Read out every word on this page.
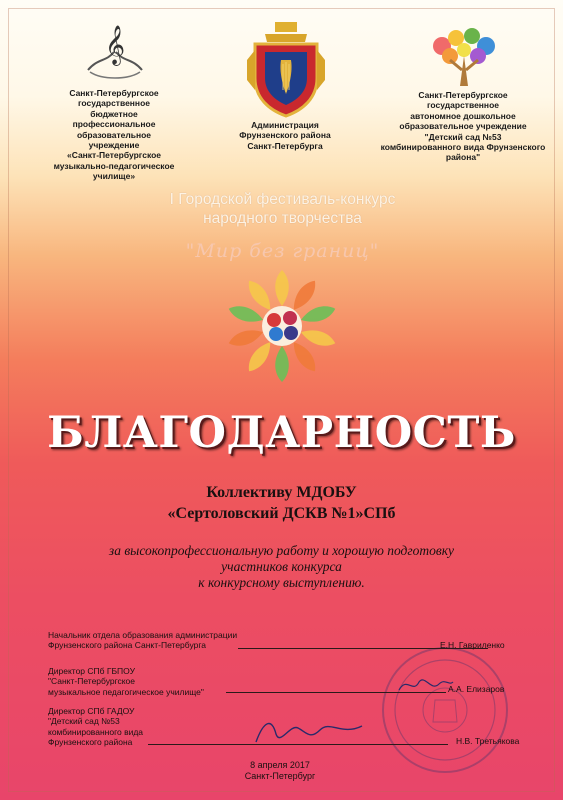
𝄞
Санкт-Петербургское
государственное
бюджетное
профессиональное
образовательное
учреждение
«Санкт-Петербургское
музыкально-педагогическое училище»
Администрация
Фрунзенского района
Санкт-Петербурга
Санкт-Петербургское
государственное
автономное дошкольное
образовательное учреждение
"Детский сад №53
комбинированного вида Фрунзенского района"
I Городской фестиваль-конкурс
народного творчества
"Мир без границ"
БЛАГОДАРНОСТЬ
Коллективу МДОБУ
«Сертоловский ДСКВ №1»СПб
за высокопрофессиональную работу и хорошую подготовку
участников конкурса
к конкурсному выступлению.
Начальник отдела образования администрации
Фрунзенского района Санкт-Петербурга	Е.Н. Гавриленко
Директор СПб ГБПОУ
"Санкт-Петербургское
музыкальное педагогическое училище"	А.А. Елизаров
Директор СПб ГАДОУ
"Детский сад №53
комбинированного вида
Фрунзенского района	Н.В. Третьякова
8 апреля 2017
Санкт-Петербург
